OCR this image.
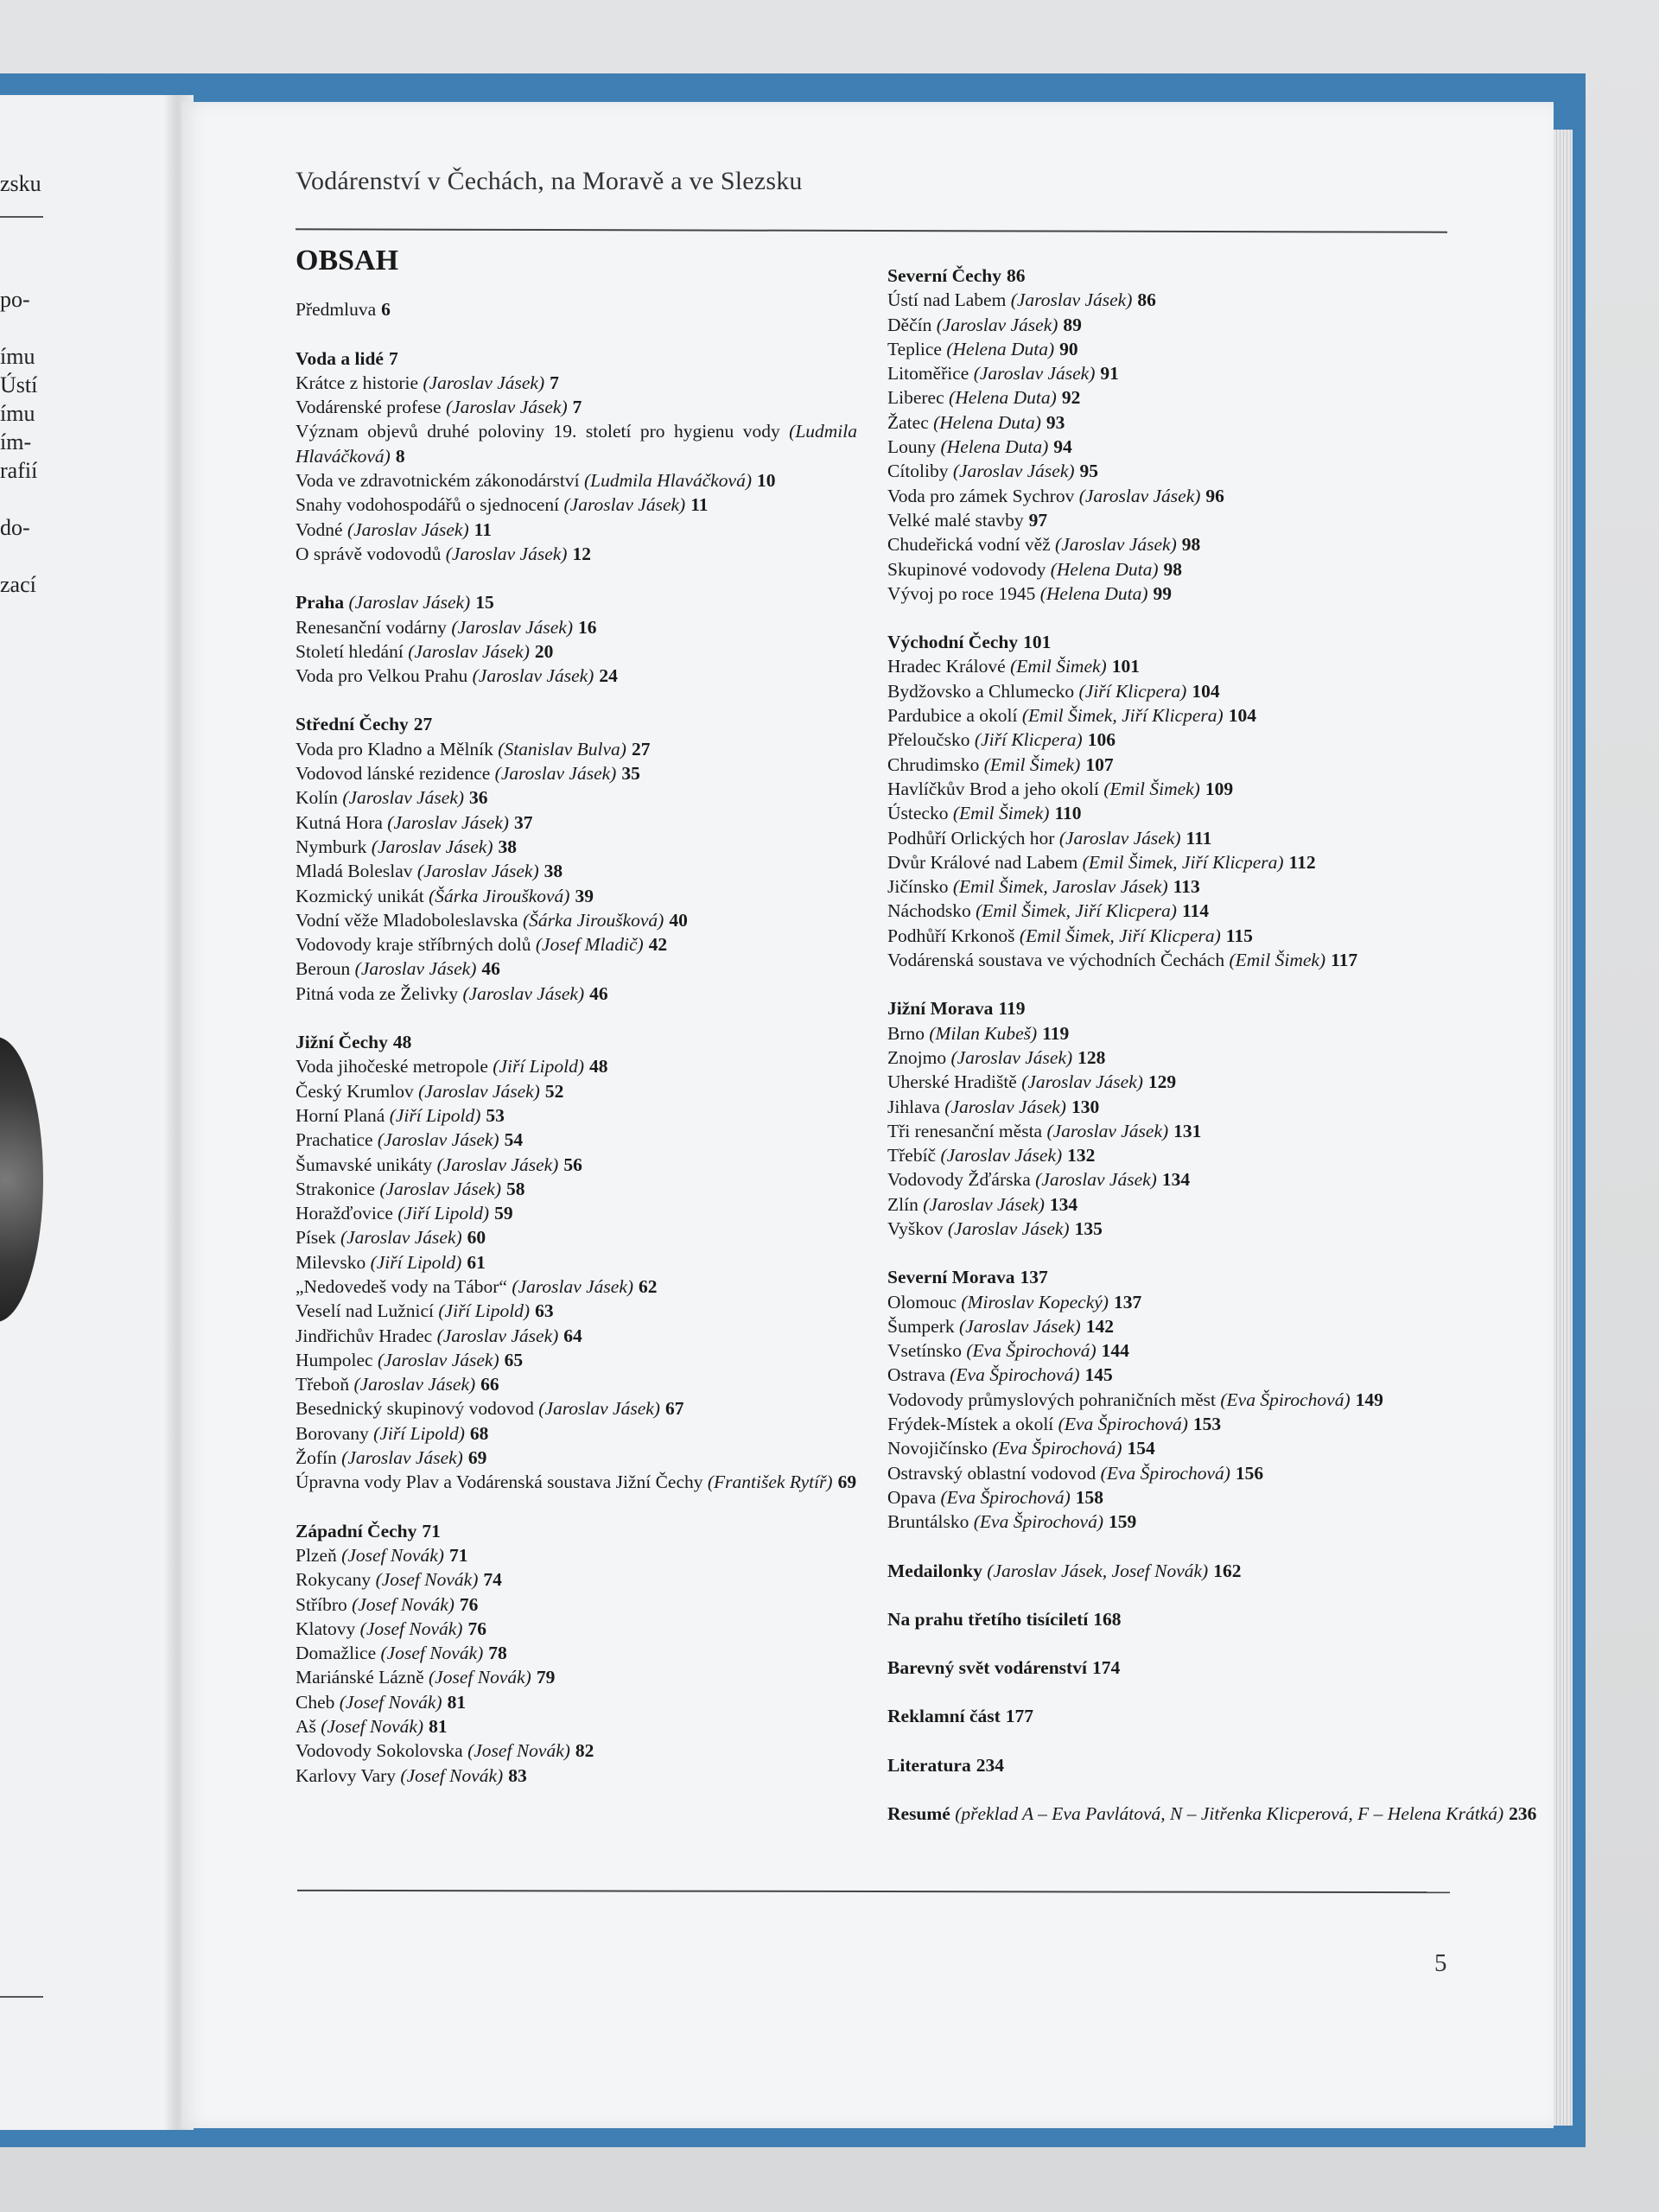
zsku
po-
ímu
Ústí
ímu
ím-
rafií
do-
zací
Vodárenství v Čechách, na Moravě a ve Slezsku
OBSAH
Předmluva 6
Voda a lidé 7
Krátce z historie (Jaroslav Jásek) 7
Vodárenské profese (Jaroslav Jásek) 7
Význam objevů druhé poloviny 19. století pro hygienu vody (Ludmila Hlaváčková) 8
Voda ve zdravotnickém zákonodárství (Ludmila Hlaváčková) 10
Snahy vodohospodářů o sjednocení (Jaroslav Jásek) 11
Vodné (Jaroslav Jásek) 11
O správě vodovodů (Jaroslav Jásek) 12
Praha (Jaroslav Jásek) 15
Renesanční vodárny (Jaroslav Jásek) 16
Století hledání (Jaroslav Jásek) 20
Voda pro Velkou Prahu (Jaroslav Jásek) 24
Střední Čechy 27
Voda pro Kladno a Mělník (Stanislav Bulva) 27
Vodovod lánské rezidence (Jaroslav Jásek) 35
Kolín (Jaroslav Jásek) 36
Kutná Hora (Jaroslav Jásek) 37
Nymburk (Jaroslav Jásek) 38
Mladá Boleslav (Jaroslav Jásek) 38
Kozmický unikát (Šárka Jiroušková) 39
Vodní věže Mladoboleslavska (Šárka Jiroušková) 40
Vodovody kraje stříbrných dolů (Josef Mladič) 42
Beroun (Jaroslav Jásek) 46
Pitná voda ze Želivky (Jaroslav Jásek) 46
Jižní Čechy 48
Voda jihočeské metropole (Jiří Lipold) 48
Český Krumlov (Jaroslav Jásek) 52
Horní Planá (Jiří Lipold) 53
Prachatice (Jaroslav Jásek) 54
Šumavské unikáty (Jaroslav Jásek) 56
Strakonice (Jaroslav Jásek) 58
Horažďovice (Jiří Lipold) 59
Písek (Jaroslav Jásek) 60
Milevsko (Jiří Lipold) 61
„Nedovedeš vody na Tábor“ (Jaroslav Jásek) 62
Veselí nad Lužnicí (Jiří Lipold) 63
Jindřichův Hradec (Jaroslav Jásek) 64
Humpolec (Jaroslav Jásek) 65
Třeboň (Jaroslav Jásek) 66
Besednický skupinový vodovod (Jaroslav Jásek) 67
Borovany (Jiří Lipold) 68
Žofín (Jaroslav Jásek) 69
Úpravna vody Plav a Vodárenská soustava Jižní Čechy (František Rytíř) 69
Západní Čechy 71
Plzeň (Josef Novák) 71
Rokycany (Josef Novák) 74
Stříbro (Josef Novák) 76
Klatovy (Josef Novák) 76
Domažlice (Josef Novák) 78
Mariánské Lázně (Josef Novák) 79
Cheb (Josef Novák) 81
Aš (Josef Novák) 81
Vodovody Sokolovska (Josef Novák) 82
Karlovy Vary (Josef Novák) 83
Severní Čechy 86
Ústí nad Labem (Jaroslav Jásek) 86
Děčín (Jaroslav Jásek) 89
Teplice (Helena Duta) 90
Litoměřice (Jaroslav Jásek) 91
Liberec (Helena Duta) 92
Žatec (Helena Duta) 93
Louny (Helena Duta) 94
Cítoliby (Jaroslav Jásek) 95
Voda pro zámek Sychrov (Jaroslav Jásek) 96
Velké malé stavby 97
Chudeřická vodní věž (Jaroslav Jásek) 98
Skupinové vodovody (Helena Duta) 98
Vývoj po roce 1945 (Helena Duta) 99
Východní Čechy 101
Hradec Králové (Emil Šimek) 101
Bydžovsko a Chlumecko (Jiří Klicpera) 104
Pardubice a okolí (Emil Šimek, Jiří Klicpera) 104
Přeloučsko (Jiří Klicpera) 106
Chrudimsko (Emil Šimek) 107
Havlíčkův Brod a jeho okolí (Emil Šimek) 109
Ústecko (Emil Šimek) 110
Podhůří Orlických hor (Jaroslav Jásek) 111
Dvůr Králové nad Labem (Emil Šimek, Jiří Klicpera) 112
Jičínsko (Emil Šimek, Jaroslav Jásek) 113
Náchodsko (Emil Šimek, Jiří Klicpera) 114
Podhůří Krkonoš (Emil Šimek, Jiří Klicpera) 115
Vodárenská soustava ve východních Čechách (Emil Šimek) 117
Jižní Morava 119
Brno (Milan Kubeš) 119
Znojmo (Jaroslav Jásek) 128
Uherské Hradiště (Jaroslav Jásek) 129
Jihlava (Jaroslav Jásek) 130
Tři renesanční města (Jaroslav Jásek) 131
Třebíč (Jaroslav Jásek) 132
Vodovody Žďárska (Jaroslav Jásek) 134
Zlín (Jaroslav Jásek) 134
Vyškov (Jaroslav Jásek) 135
Severní Morava 137
Olomouc (Miroslav Kopecký) 137
Šumperk (Jaroslav Jásek) 142
Vsetínsko (Eva Špirochová) 144
Ostrava (Eva Špirochová) 145
Vodovody průmyslových pohraničních měst (Eva Špirochová) 149
Frýdek-Místek a okolí (Eva Špirochová) 153
Novojičínsko (Eva Špirochová) 154
Ostravský oblastní vodovod (Eva Špirochová) 156
Opava (Eva Špirochová) 158
Bruntálsko (Eva Špirochová) 159
Medailonky (Jaroslav Jásek, Josef Novák) 162
Na prahu třetího tisíciletí 168
Barevný svět vodárenství 174
Reklamní část 177
Literatura 234
Resumé (překlad A – Eva Pavlátová, N – Jitřenka Klicperová, F – Helena Krátká) 236
5
